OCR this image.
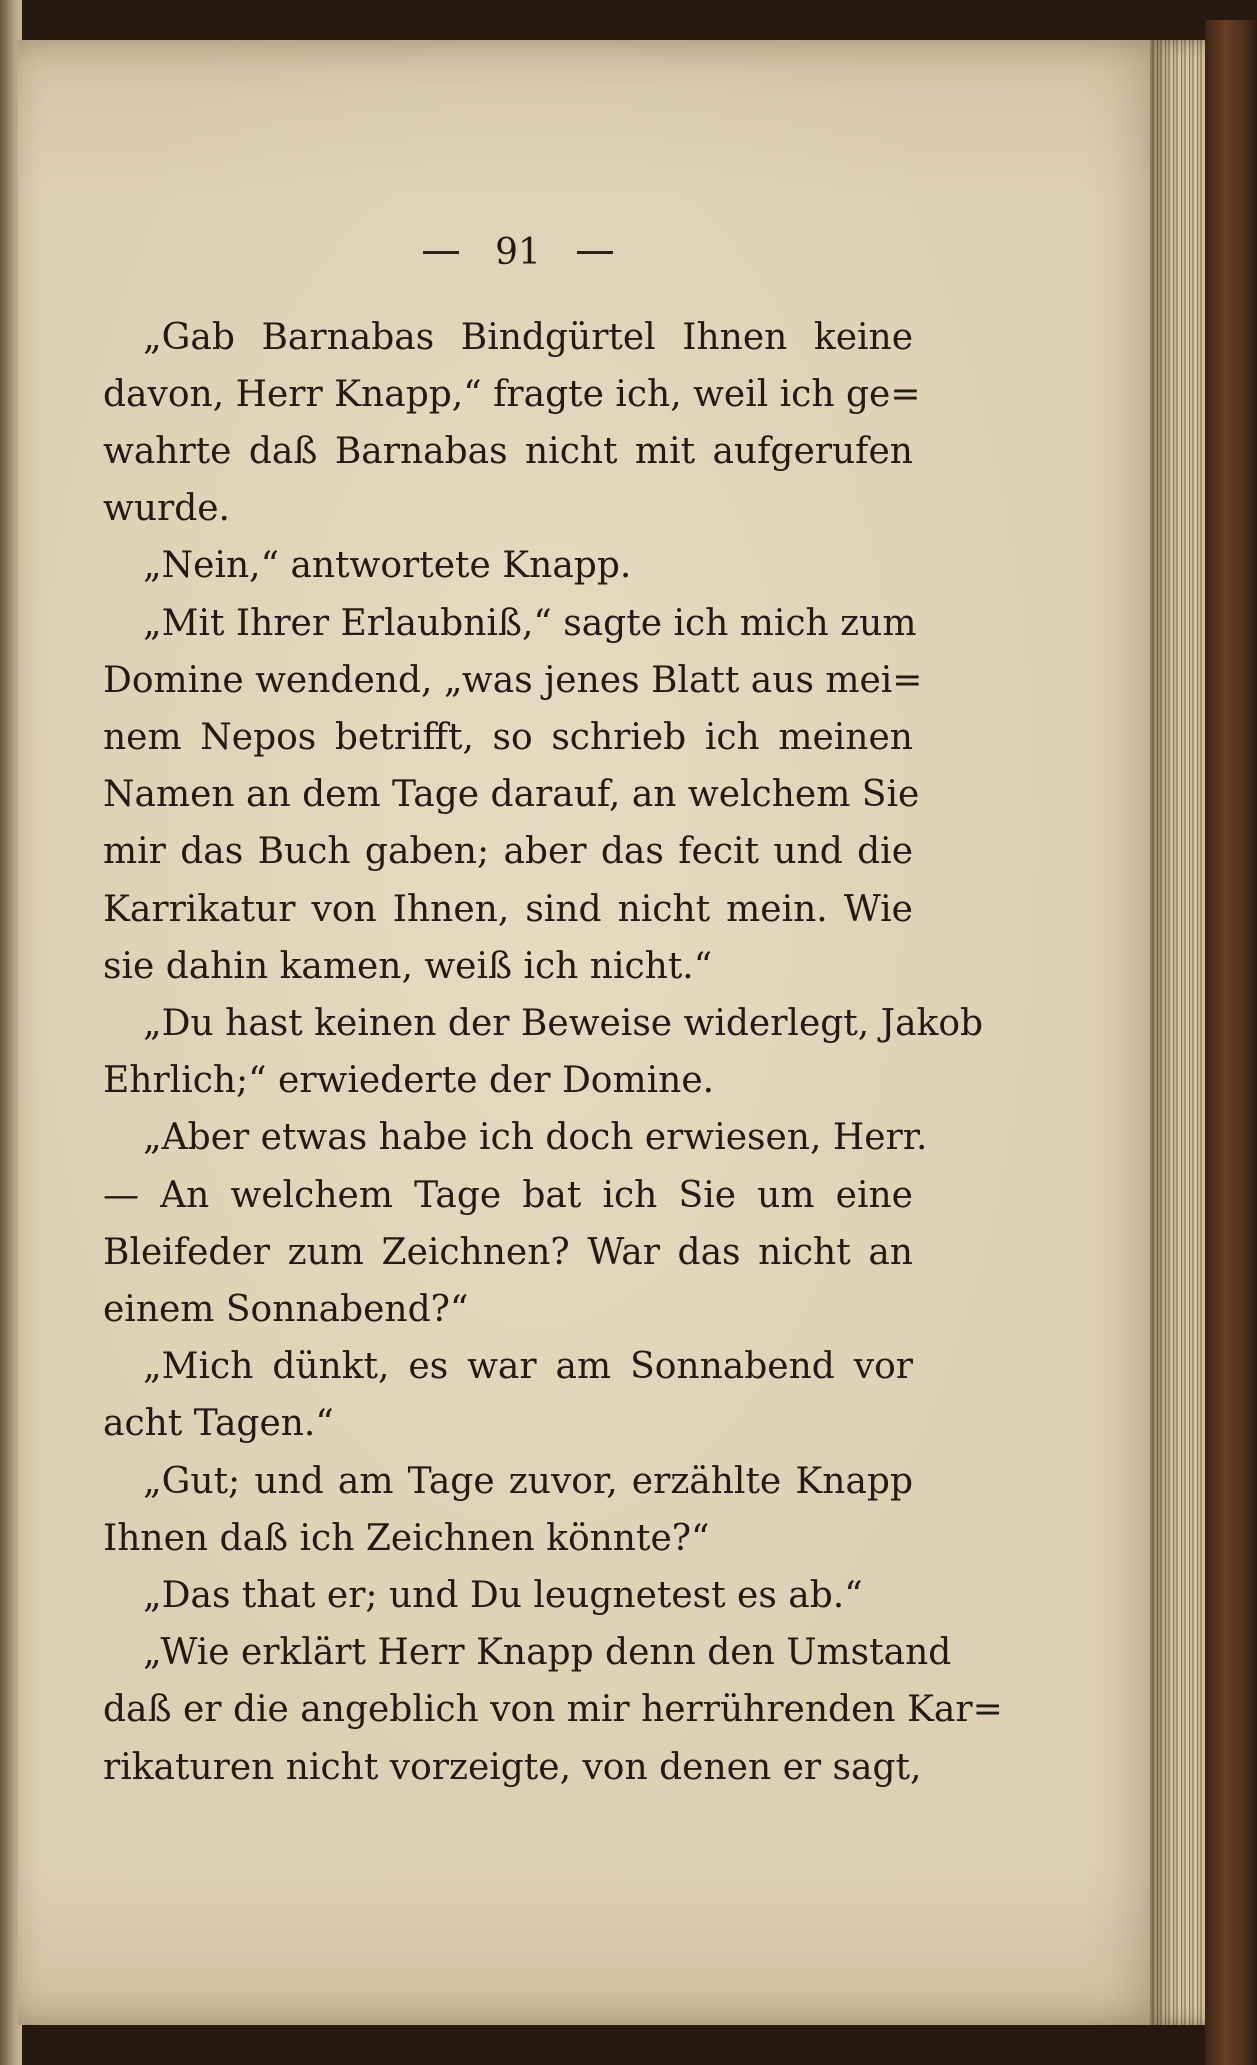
91
„Gab Barnabas Bindgürtel Ihnen keine
davon, Herr Knapp,“ fragte ich, weil ich ge=
wahrte daß Barnabas nicht mit aufgerufen
wurde.
„Nein,“ antwortete Knapp.
„Mit Ihrer Erlaubniß,“ sagte ich mich zum
Domine wendend, „was jenes Blatt aus mei=
nem Nepos betrifft, so schrieb ich meinen
Namen an dem Tage darauf, an welchem Sie
mir das Buch gaben; aber das fecit und die
Karrikatur von Ihnen, sind nicht mein. Wie
sie dahin kamen, weiß ich nicht.“
„Du hast keinen der Beweise widerlegt, Jakob
Ehrlich;“ erwiederte der Domine.
„Aber etwas habe ich doch erwiesen, Herr.
— An welchem Tage bat ich Sie um eine
Bleifeder zum Zeichnen? War das nicht an
einem Sonnabend?“
„Mich dünkt, es war am Sonnabend vor
acht Tagen.“
„Gut; und am Tage zuvor, erzählte Knapp
Ihnen daß ich Zeichnen könnte?“
„Das that er; und Du leugnetest es ab.“
„Wie erklärt Herr Knapp denn den Umstand
daß er die angeblich von mir herrührenden Kar=
rikaturen nicht vorzeigte, von denen er sagt,
